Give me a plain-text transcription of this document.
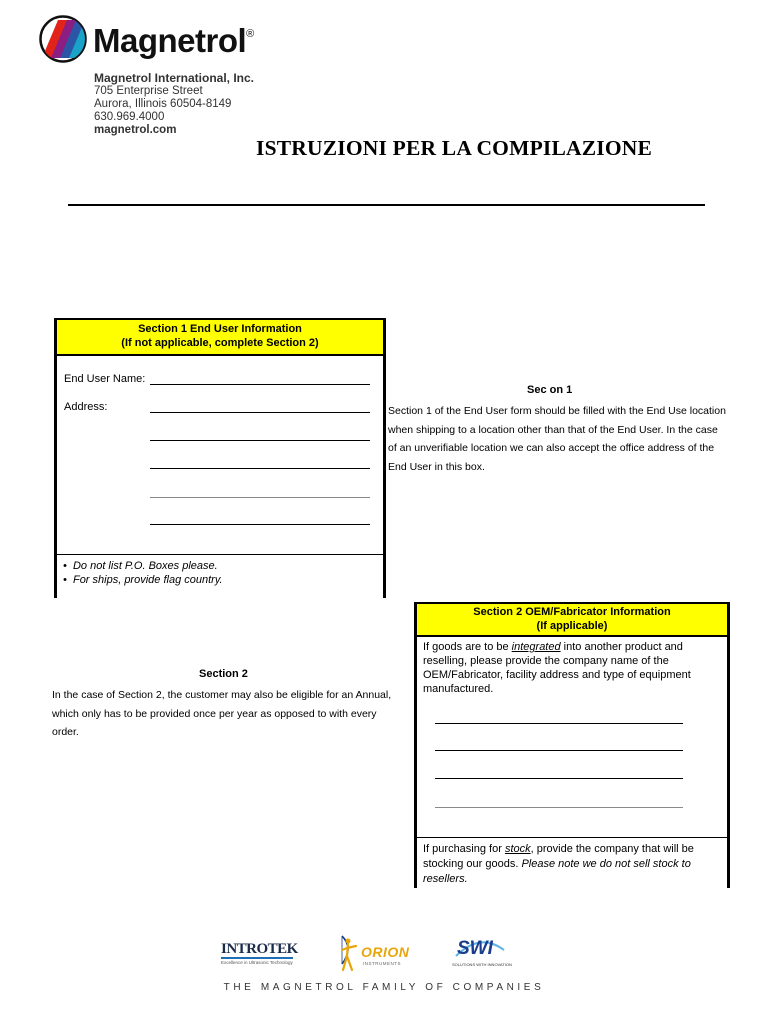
Magnetrol®
Magnetrol International, Inc.
705 Enterprise Street
Aurora, Illinois 60504-8149
630.969.4000
magnetrol.com
ISTRUZIONI PER LA COMPILAZIONE
Section 1 End User Information
(If not applicable, complete Section 2)
End User Name:
Address:
•  Do not list P.O. Boxes please.
•  For ships, provide flag country.
Sec on 1
Section 1 of the End User form should be filled with the End Use location when shipping to a location other than that of the End User. In the case of an unverifiable location we can also accept the office address of the End User in this box.
Section 2 OEM/Fabricator Information
(If applicable)
If goods are to be integrated into another product and reselling, please provide the company name of the OEM/Fabricator, facility address and type of equipment manufactured.
If purchasing for stock, provide the company that will be stocking our goods. Please note we do not sell stock to resellers.
Section 2
In the case of Section 2, the customer may also be eligible for an Annual, which only has to be provided once per year as opposed to with every order.
INTROTEK
Excellence in Ultrasonic Technology
ORION
INSTRUMENTS
SWI
SOLUTIONS WITH INNOVATION
THE MAGNETROL FAMILY OF COMPANIES
